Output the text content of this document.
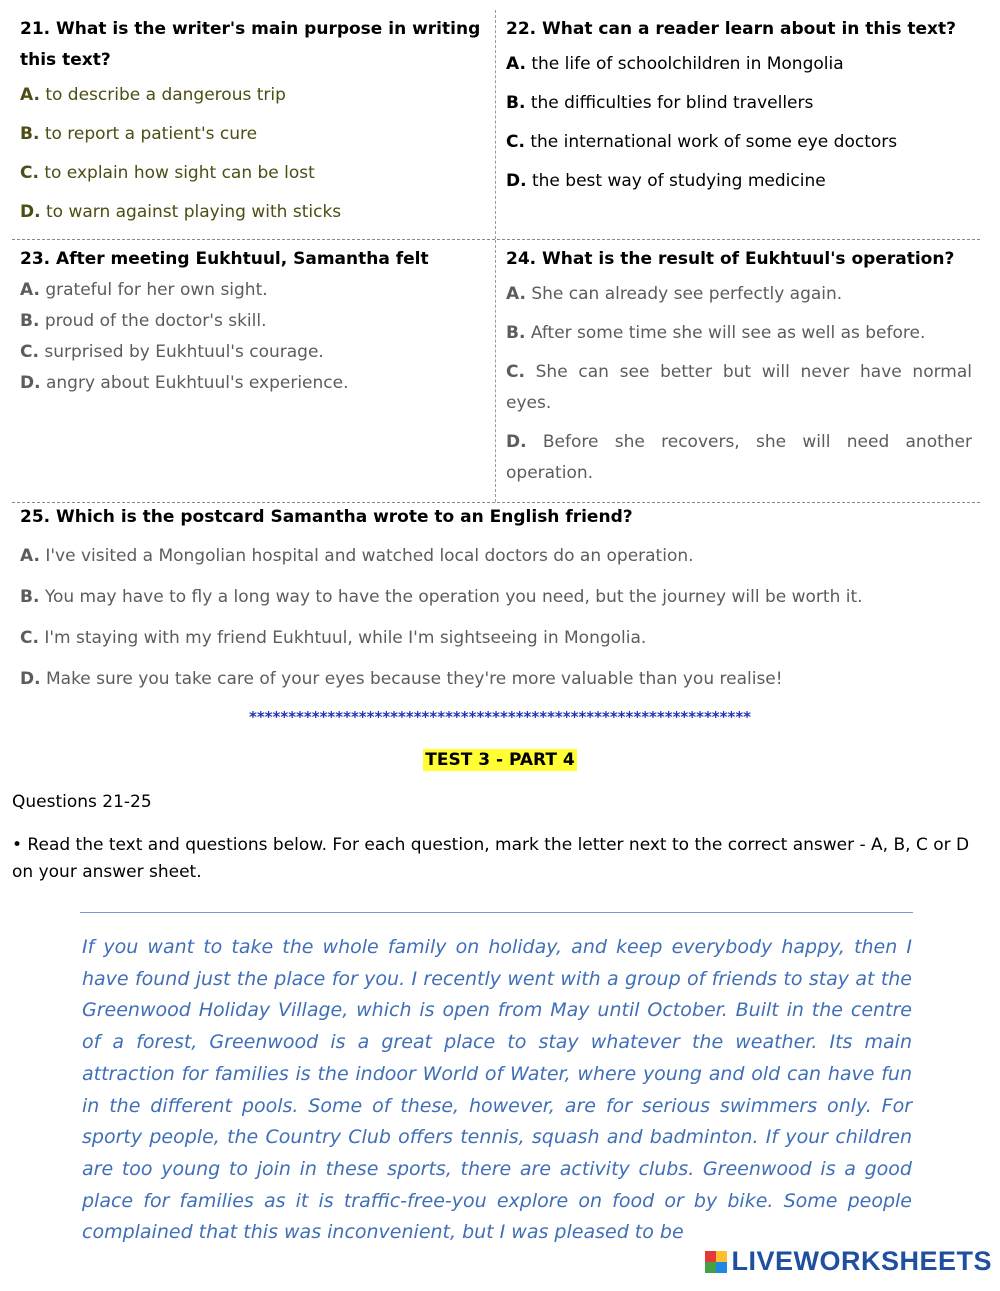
21. What is the writer's main purpose in writing this text?
A. to describe a dangerous trip
B. to report a patient's cure
C. to explain how sight can be lost
D. to warn against playing with sticks
22. What can a reader learn about in this text?
A. the life of schoolchildren in Mongolia
B. the difficulties for blind travellers
C. the international work of some eye doctors
D. the best way of studying medicine
23. After meeting Eukhtuul, Samantha felt
A. grateful for her own sight.
B. proud of the doctor's skill.
C. surprised by Eukhtuul's courage.
D. angry about Eukhtuul's experience.
24. What is the result of Eukhtuul's operation?
A. She can already see perfectly again.
B. After some time she will see as well as before.
C. She can see better but will never have normal eyes.
D. Before she recovers, she will need another operation.
25. Which is the postcard Samantha wrote to an English friend?
A. I've visited a Mongolian hospital and watched local doctors do an operation.
B. You may have to fly a long way to have the operation you need, but the journey will be worth it.
C. I'm staying with my friend Eukhtuul, while I'm sightseeing in Mongolia.
D. Make sure you take care of your eyes because they're more valuable than you realise!
****************************************************************
TEST 3 - PART 4
Questions 21-25
• Read the text and questions below. For each question, mark the letter next to the correct answer - A, B, C or D on your answer sheet.
If you want to take the whole family on holiday, and keep everybody happy, then I have found just the place for you. I recently went with a group of friends to stay at the Greenwood Holiday Village, which is open from May until October. Built in the centre of a forest, Greenwood is a great place to stay whatever the weather. Its main attraction for families is the indoor World of Water, where young and old can have fun in the different pools. Some of these, however, are for serious swimmers only. For sporty people, the Country Club offers tennis, squash and badminton. If your children are too young to join in these sports, there are activity clubs. Greenwood is a good place for families as it is traffic-free-you explore on food or by bike. Some people complained that this was inconvenient, but I was pleased to be
LIVEWORKSHEETS
